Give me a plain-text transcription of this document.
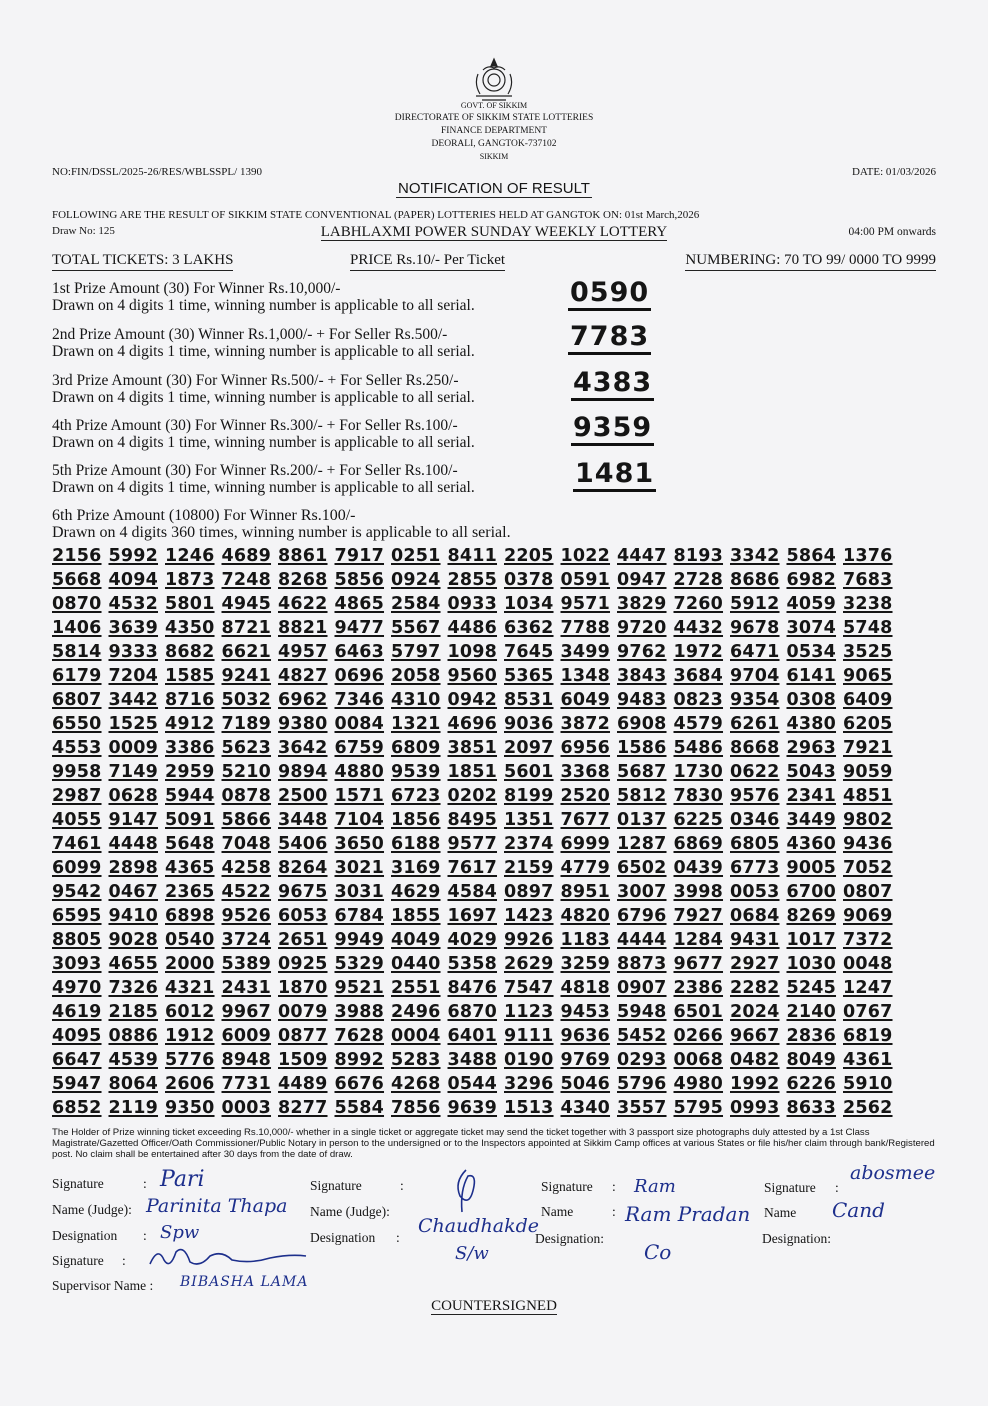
GOVT. OF SIKKIM
DIRECTORATE OF SIKKIM STATE LOTTERIES
FINANCE DEPARTMENT
DEORALI, GANGTOK-737102
SIKKIM
NO:FIN/DSSL/2025-26/RES/WBLSSPL/ 1390	DATE: 01/03/2026
NOTIFICATION OF RESULT
FOLLOWING ARE THE RESULT OF SIKKIM STATE CONVENTIONAL (PAPER) LOTTERIES HELD AT GANGTOK ON: 01st March,2026
Draw No: 125	LABHLAXMI POWER SUNDAY WEEKLY LOTTERY	04:00 PM onwards
TOTAL TICKETS: 3 LAKHS	PRICE Rs.10/- Per Ticket	NUMBERING: 70 TO 99/ 0000 TO 9999
1st Prize Amount (30) For Winner Rs.10,000/-
Drawn on 4 digits 1 time, winning number is applicable to all serial.	0590
2nd Prize Amount (30) Winner Rs.1,000/- + For Seller Rs.500/-
Drawn on 4 digits 1 time, winning number is applicable to all serial.	7783
3rd Prize Amount (30) For Winner Rs.500/- + For Seller Rs.250/-
Drawn on 4 digits 1 time, winning number is applicable to all serial.	4383
4th Prize Amount (30) For Winner Rs.300/- + For Seller Rs.100/-
Drawn on 4 digits 1 time, winning number is applicable to all serial.	9359
5th Prize Amount (30) For Winner Rs.200/- + For Seller Rs.100/-
Drawn on 4 digits 1 time, winning number is applicable to all serial.	1481
6th Prize Amount (10800) For Winner Rs.100/-
Drawn on 4 digits 360 times, winning number is applicable to all serial.
2156 5992 1246 4689 8861 7917 0251 8411 2205 1022 4447 8193 3342 5864 1376
5668 4094 1873 7248 8268 5856 0924 2855 0378 0591 0947 2728 8686 6982 7683
0870 4532 5801 4945 4622 4865 2584 0933 1034 9571 3829 7260 5912 4059 3238
1406 3639 4350 8721 8821 9477 5567 4486 6362 7788 9720 4432 9678 3074 5748
5814 9333 8682 6621 4957 6463 5797 1098 7645 3499 9762 1972 6471 0534 3525
6179 7204 1585 9241 4827 0696 2058 9560 5365 1348 3843 3684 9704 6141 9065
6807 3442 8716 5032 6962 7346 4310 0942 8531 6049 9483 0823 9354 0308 6409
6550 1525 4912 7189 9380 0084 1321 4696 9036 3872 6908 4579 6261 4380 6205
4553 0009 3386 5623 3642 6759 6809 3851 2097 6956 1586 5486 8668 2963 7921
9958 7149 2959 5210 9894 4880 9539 1851 5601 3368 5687 1730 0622 5043 9059
2987 0628 5944 0878 2500 1571 6723 0202 8199 2520 5812 7830 9576 2341 4851
4055 9147 5091 5866 3448 7104 1856 8495 1351 7677 0137 6225 0346 3449 9802
7461 4448 5648 7048 5406 3650 6188 9577 2374 6999 1287 6869 6805 4360 9436
6099 2898 4365 4258 8264 3021 3169 7617 2159 4779 6502 0439 6773 9005 7052
9542 0467 2365 4522 9675 3031 4629 4584 0897 8951 3007 3998 0053 6700 0807
6595 9410 6898 9526 6053 6784 1855 1697 1423 4820 6796 7927 0684 8269 9069
8805 9028 0540 3724 2651 9949 4049 4029 9926 1183 4444 1284 9431 1017 7372
3093 4655 2000 5389 0925 5329 0440 5358 2629 3259 8873 9677 2927 1030 0048
4970 7326 4321 2431 1870 9521 2551 8476 7547 4818 0907 2386 2282 5245 1247
4619 2185 6012 9967 0079 3988 2496 6870 1123 9453 5948 6501 2024 2140 0767
4095 0886 1912 6009 0877 7628 0004 6401 9111 9636 5452 0266 9667 2836 6819
6647 4539 5776 8948 1509 8992 5283 3488 0190 9769 0293 0068 0482 8049 4361
5947 8064 2606 7731 4489 6676 4268 0544 3296 5046 5796 4980 1992 6226 5910
6852 2119 9350 0003 8277 5584 7856 9639 1513 4340 3557 5795 0993 8633 2562
The Holder of Prize winning ticket exceeding Rs.10,000/- whether in a single ticket or aggregate ticket may send the ticket together with 3 passport size photographs duly attested by a 1st Class Magistrate/Gazetted Officer/Oath Commissioner/Public Notary in person to the undersigned or to the Inspectors appointed at Sikkim Camp offices at various States or file his/her claim through bank/Registered post. No claim shall be entertained after 30 days from the date of draw.
Signature	: Pari
Name (Judge): Parinita Thapa
Designation : Spw
Signature :
Supervisor Name : BIBASHA LAMA
Signature	:
Name (Judge):
Chaudhakde
Designation :
S/w
Signature : Ram
Name	: Ram Pradan
Designation:
Co
Signature :
abosmee
Name Cand
Designation:
COUNTERSIGNED
